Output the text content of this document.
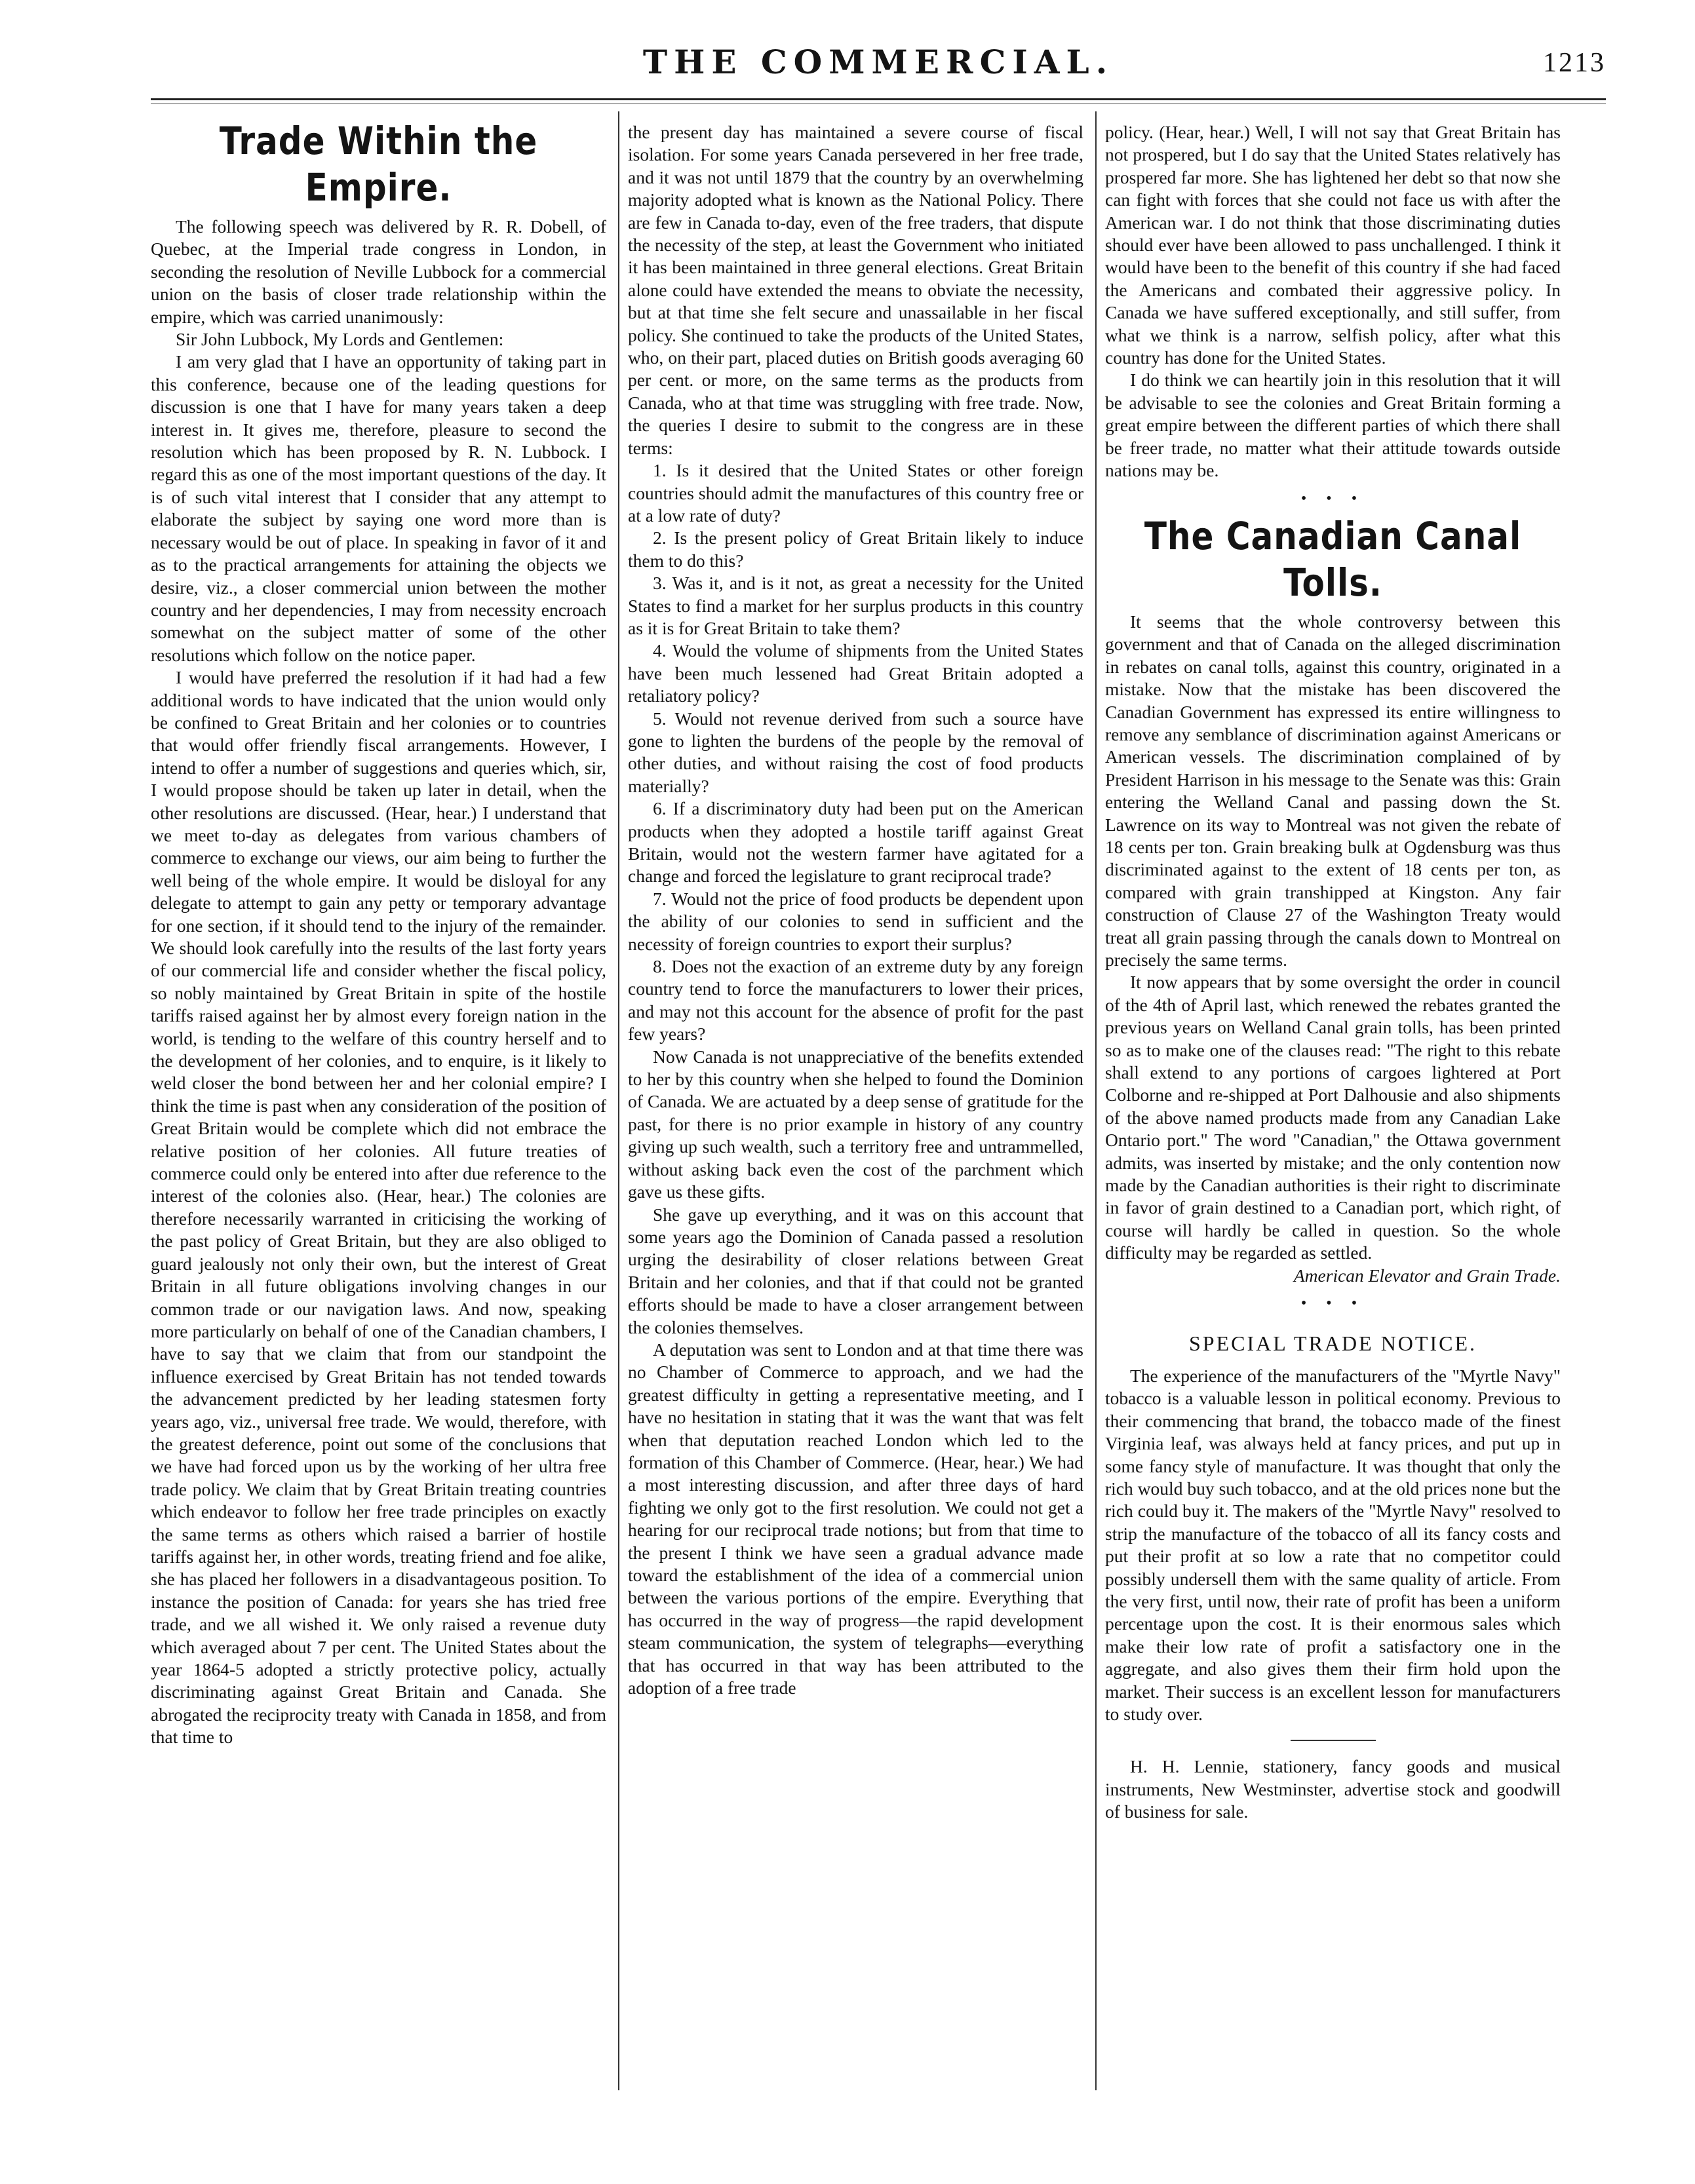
THE COMMERCIAL.	1213
Trade Within the Empire.

The following speech was delivered by R. R. Dobell, of Quebec, at the Imperial trade congress in London, in seconding the resolution of Neville Lubbock for a commercial union on the basis of closer trade relationship within the empire, which was carried unanimously:

Sir John Lubbock, My Lords and Gentlemen:

I am very glad that I have an opportunity of taking part in this conference, because one of the leading questions for discussion is one that I have for many years taken a deep interest in. It gives me, therefore, pleasure to second the resolution which has been proposed by R. N. Lubbock. I regard this as one of the most important questions of the day. It is of such vital interest that I consider that any attempt to elaborate the subject by saying one word more than is necessary would be out of place. In speaking in favor of it and as to the practical arrangements for attaining the objects we desire, viz., a closer commercial union between the mother country and her dependencies, I may from necessity encroach somewhat on the subject matter of some of the other resolutions which follow on the notice paper.

I would have preferred the resolution if it had had a few additional words to have indicated that the union would only be confined to Great Britain and her colonies or to countries that would offer friendly fiscal arrangements. However, I intend to offer a number of suggestions and queries which, sir, I would propose should be taken up later in detail, when the other resolutions are discussed. (Hear, hear.) I understand that we meet to-day as delegates from various chambers of commerce to exchange our views, our aim being to further the well being of the whole empire. It would be disloyal for any delegate to attempt to gain any petty or temporary advantage for one section, if it should tend to the injury of the remainder. We should look carefully into the results of the last forty years of our commercial life and consider whether the fiscal policy, so nobly maintained by Great Britain in spite of the hostile tariffs raised against her by almost every foreign nation in the world, is tending to the welfare of this country herself and to the development of her colonies, and to enquire, is it likely to weld closer the bond between her and her colonial empire? I think the time is past when any consideration of the position of Great Britain would be complete which did not embrace the relative position of her colonies. All future treaties of commerce could only be entered into after due reference to the interest of the colonies also. (Hear, hear.) The colonies are therefore necessarily warranted in criticising the working of the past policy of Great Britain, but they are also obliged to guard jealously not only their own, but the interest of Great Britain in all future obligations involving changes in our common trade or our navigation laws. And now, speaking more particularly on behalf of one of the Canadian chambers, I have to say that we claim that from our standpoint the influence exercised by Great Britain has not tended towards the advancement predicted by her leading statesmen forty years ago, viz., universal free trade. We would, therefore, with the greatest deference, point out some of the conclusions that we have had forced upon us by the working of her ultra free trade policy. We claim that by Great Britain treating countries which endeavor to follow her free trade principles on exactly the same terms as others which raised a barrier of hostile tariffs against her, in other words, treating friend and foe alike, she has placed her followers in a disadvantageous position. To instance the position of Canada: for years she has tried free trade, and we all wished it. We only raised a revenue duty which averaged about 7 per cent. The United States about the year 1864-5 adopted a strictly protective policy, actually discriminating against Great Britain and Canada. She abrogated the reciprocity treaty with Canada in 1858, and from that time to

the present day has maintained a severe course of fiscal isolation. For some years Canada persevered in her free trade, and it was not until 1879 that the country by an overwhelming majority adopted what is known as the National Policy. There are few in Canada to-day, even of the free traders, that dispute the necessity of the step, at least the Government who initiated it has been maintained in three general elections. Great Britain alone could have extended the means to obviate the necessity, but at that time she felt secure and unassailable in her fiscal policy. She continued to take the products of the United States, who, on their part, placed duties on British goods averaging 60 per cent. or more, on the same terms as the products from Canada, who at that time was struggling with free trade. Now, the queries I desire to submit to the congress are in these terms:

1. Is it desired that the United States or other foreign countries should admit the manufactures of this country free or at a low rate of duty?

2. Is the present policy of Great Britain likely to induce them to do this?

3. Was it, and is it not, as great a necessity for the United States to find a market for her surplus products in this country as it is for Great Britain to take them?

4. Would the volume of shipments from the United States have been much lessened had Great Britain adopted a retaliatory policy?

5. Would not revenue derived from such a source have gone to lighten the burdens of the people by the removal of other duties, and without raising the cost of food products materially?

6. If a discriminatory duty had been put on the American products when they adopted a hostile tariff against Great Britain, would not the western farmer have agitated for a change and forced the legislature to grant reciprocal trade?

7. Would not the price of food products be dependent upon the ability of our colonies to send in sufficient and the necessity of foreign countries to export their surplus?

8. Does not the exaction of an extreme duty by any foreign country tend to force the manufacturers to lower their prices, and may not this account for the absence of profit for the past few years?

Now Canada is not unappreciative of the benefits extended to her by this country when she helped to found the Dominion of Canada. We are actuated by a deep sense of gratitude for the past, for there is no prior example in history of any country giving up such wealth, such a territory free and untrammelled, without asking back even the cost of the parchment which gave us these gifts.

She gave up everything, and it was on this account that some years ago the Dominion of Canada passed a resolution urging the desirability of closer relations between Great Britain and her colonies, and that if that could not be granted efforts should be made to have a closer arrangement between the colonies themselves.

A deputation was sent to London and at that time there was no Chamber of Commerce to approach, and we had the greatest difficulty in getting a representative meeting, and I have no hesitation in stating that it was the want that was felt when that deputation reached London which led to the formation of this Chamber of Commerce. (Hear, hear.) We had a most interesting discussion, and after three days of hard fighting we only got to the first resolution. We could not get a hearing for our reciprocal trade notions; but from that time to the present I think we have seen a gradual advance made toward the establishment of the idea of a commercial union between the various portions of the empire. Everything that has occurred in the way of progress—the rapid development steam communication, the system of telegraphs—everything that has occurred in that way has been attributed to the adoption of a free trade

policy. (Hear, hear.) Well, I will not say that Great Britain has not prospered, but I do say that the United States relatively has prospered far more. She has lightened her debt so that now she can fight with forces that she could not face us with after the American war. I do not think that those discriminating duties should ever have been allowed to pass unchallenged. I think it would have been to the benefit of this country if she had faced the Americans and combated their aggressive policy. In Canada we have suffered exceptionally, and still suffer, from what we think is a narrow, selfish policy, after what this country has done for the United States.

I do think we can heartily join in this resolution that it will be advisable to see the colonies and Great Britain forming a great empire between the different parties of which there shall be freer trade, no matter what their attitude towards outside nations may be.

• • •
The Canadian Canal Tolls.

It seems that the whole controversy between this government and that of Canada on the alleged discrimination in rebates on canal tolls, against this country, originated in a mistake. Now that the mistake has been discovered the Canadian Government has expressed its entire willingness to remove any semblance of discrimination against Americans or American vessels. The discrimination complained of by President Harrison in his message to the Senate was this: Grain entering the Welland Canal and passing down the St. Lawrence on its way to Montreal was not given the rebate of 18 cents per ton. Grain breaking bulk at Ogdensburg was thus discriminated against to the extent of 18 cents per ton, as compared with grain transhipped at Kingston. Any fair construction of Clause 27 of the Washington Treaty would treat all grain passing through the canals down to Montreal on precisely the same terms.

It now appears that by some oversight the order in council of the 4th of April last, which renewed the rebates granted the previous years on Welland Canal grain tolls, has been printed so as to make one of the clauses read: "The right to this rebate shall extend to any portions of cargoes lightered at Port Colborne and re-shipped at Port Dalhousie and also shipments of the above named products made from any Canadian Lake Ontario port." The word "Canadian," the Ottawa government admits, was inserted by mistake; and the only contention now made by the Canadian authorities is their right to discriminate in favor of grain destined to a Canadian port, which right, of course will hardly be called in question. So the whole difficulty may be regarded as settled.

American Elevator and Grain Trade.
• • •
SPECIAL TRADE NOTICE.

The experience of the manufacturers of the "Myrtle Navy" tobacco is a valuable lesson in political economy. Previous to their commencing that brand, the tobacco made of the finest Virginia leaf, was always held at fancy prices, and put up in some fancy style of manufacture. It was thought that only the rich would buy such tobacco, and at the old prices none but the rich could buy it. The makers of the "Myrtle Navy" resolved to strip the manufacture of the tobacco of all its fancy costs and put their profit at so low a rate that no competitor could possibly undersell them with the same quality of article. From the very first, until now, their rate of profit has been a uniform percentage upon the cost. It is their enormous sales which make their low rate of profit a satisfactory one in the aggregate, and also gives them their firm hold upon the market. Their success is an excellent lesson for manufacturers to study over.

H. H. Lennie, stationery, fancy goods and musical instruments, New Westminster, advertise stock and goodwill of business for sale.
